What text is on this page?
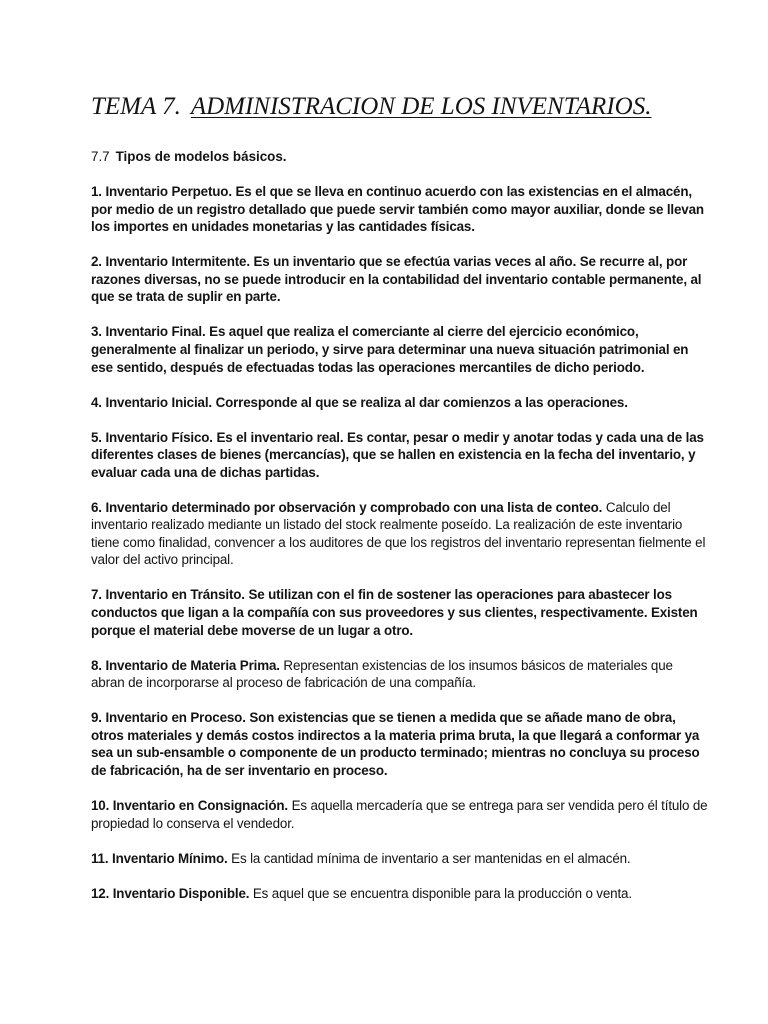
TEMA 7. ADMINISTRACION DE LOS INVENTARIOS.
7.7 Tipos de modelos básicos.
1. Inventario Perpetuo. Es el que se lleva en continuo acuerdo con las existencias en el almacén, por medio de un registro detallado que puede servir también como mayor auxiliar, donde se llevan los importes en unidades monetarias y las cantidades físicas.
2. Inventario Intermitente. Es un inventario que se efectúa varias veces al año. Se recurre al, por razones diversas, no se puede introducir en la contabilidad del inventario contable permanente, al que se trata de suplir en parte.
3. Inventario Final. Es aquel que realiza el comerciante al cierre del ejercicio económico, generalmente al finalizar un periodo, y sirve para determinar una nueva situación patrimonial en ese sentido, después de efectuadas todas las operaciones mercantiles de dicho periodo.
4. Inventario Inicial. Corresponde al que se realiza al dar comienzos a las operaciones.
5. Inventario Físico. Es el inventario real. Es contar, pesar o medir y anotar todas y cada una de las diferentes clases de bienes (mercancías), que se hallen en existencia en la fecha del inventario, y evaluar cada una de dichas partidas.
6. Inventario determinado por observación y comprobado con una lista de conteo. Calculo del inventario realizado mediante un listado del stock realmente poseído. La realización de este inventario tiene como finalidad, convencer a los auditores de que los registros del inventario representan fielmente el valor del activo principal.
7. Inventario en Tránsito. Se utilizan con el fin de sostener las operaciones para abastecer los conductos que ligan a la compañía con sus proveedores y sus clientes, respectivamente. Existen porque el material debe moverse de un lugar a otro.
8. Inventario de Materia Prima. Representan existencias de los insumos básicos de materiales que abran de incorporarse al proceso de fabricación de una compañía.
9. Inventario en Proceso. Son existencias que se tienen a medida que se añade mano de obra, otros materiales y demás costos indirectos a la materia prima bruta, la que llegará a conformar ya sea un sub-ensamble o componente de un producto terminado; mientras no concluya su proceso de fabricación, ha de ser inventario en proceso.
10. Inventario en Consignación. Es aquella mercadería que se entrega para ser vendida pero él título de propiedad lo conserva el vendedor.
11. Inventario Mínimo. Es la cantidad mínima de inventario a ser mantenidas en el almacén.
12. Inventario Disponible. Es aquel que se encuentra disponible para la producción o venta.
